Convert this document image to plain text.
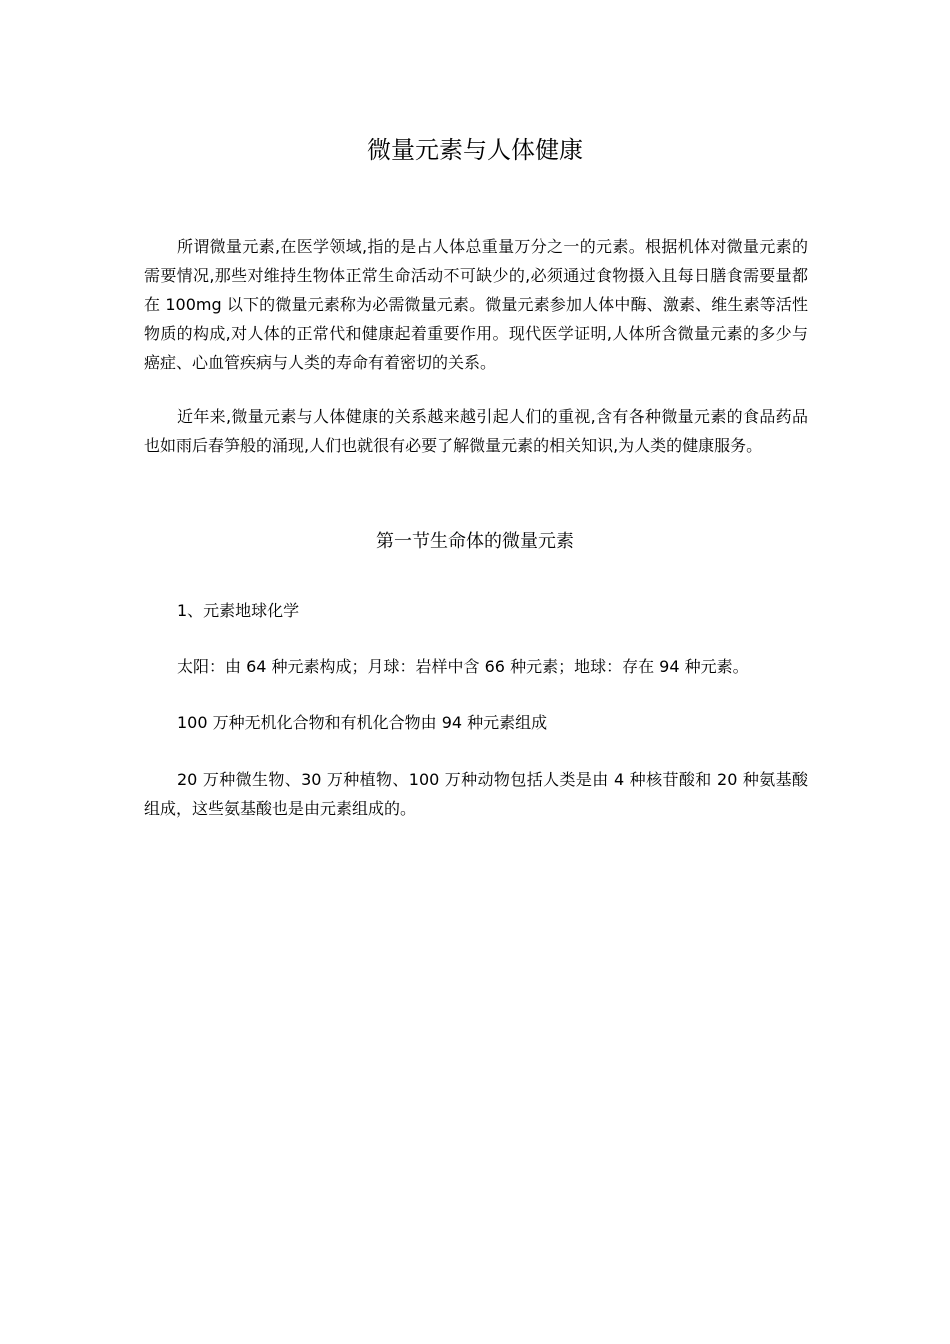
微量元素与人体健康

所谓微量元素,在医学领域,指的是占人体总重量万分之一的元素。根据机体对微量元素的需要情况,那些对维持生物体正常生命活动不可缺少的,必须通过食物摄入且每日膳食需要量都在 100mg 以下的微量元素称为必需微量元素。微量元素参加人体中酶、激素、维生素等活性物质的构成,对人体的正常代和健康起着重要作用。现代医学证明,人体所含微量元素的多少与癌症、心血管疾病与人类的寿命有着密切的关系。

近年来,微量元素与人体健康的关系越来越引起人们的重视,含有各种微量元素的食品药品也如雨后春笋般的涌现,人们也就很有必要了解微量元素的相关知识,为人类的健康服务。

第一节生命体的微量元素

1、元素地球化学

太阳：由 64 种元素构成；月球：岩样中含 66 种元素；地球：存在 94 种元素。

100 万种无机化合物和有机化合物由 94 种元素组成

20 万种微生物、30 万种植物、100 万种动物包括人类是由 4 种核苷酸和 20 种氨基酸组成，这些氨基酸也是由元素组成的。
